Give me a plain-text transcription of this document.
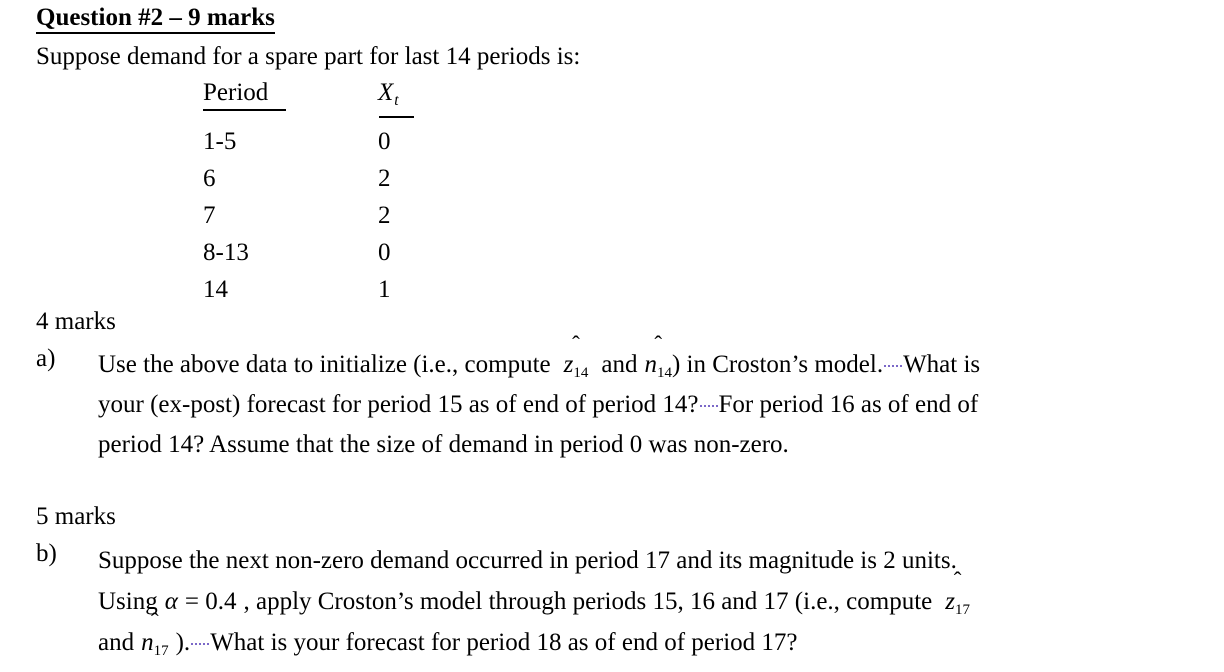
Question #2 – 9 marks
Suppose demand for a spare part for last 14 periods is:
Period	$X_t$

1-5	0
6	2
7	2
8-13	0
14	1
4 marks
a)	Use the above data to initialize (i.e., compute
ˆ
$z_{14}$ and
ˆ
$n_{14}$) in Croston’s model. What is
your (ex-post) forecast for period 15 as of end of period 14? For period 16 as of end of
period 14? Assume that the size of demand in period 0 was non-zero.
5 marks
b)	Suppose the next non-zero demand occurred in period 17 and its magnitude is 2 units.
Using α = 0.4 , apply Croston’s model through periods 15, 16 and 17 (i.e., compute
ˆ
$z_{17}$
and
ˆ
$n_{17}$ ). What is your forecast for period 18 as of end of period 17?
